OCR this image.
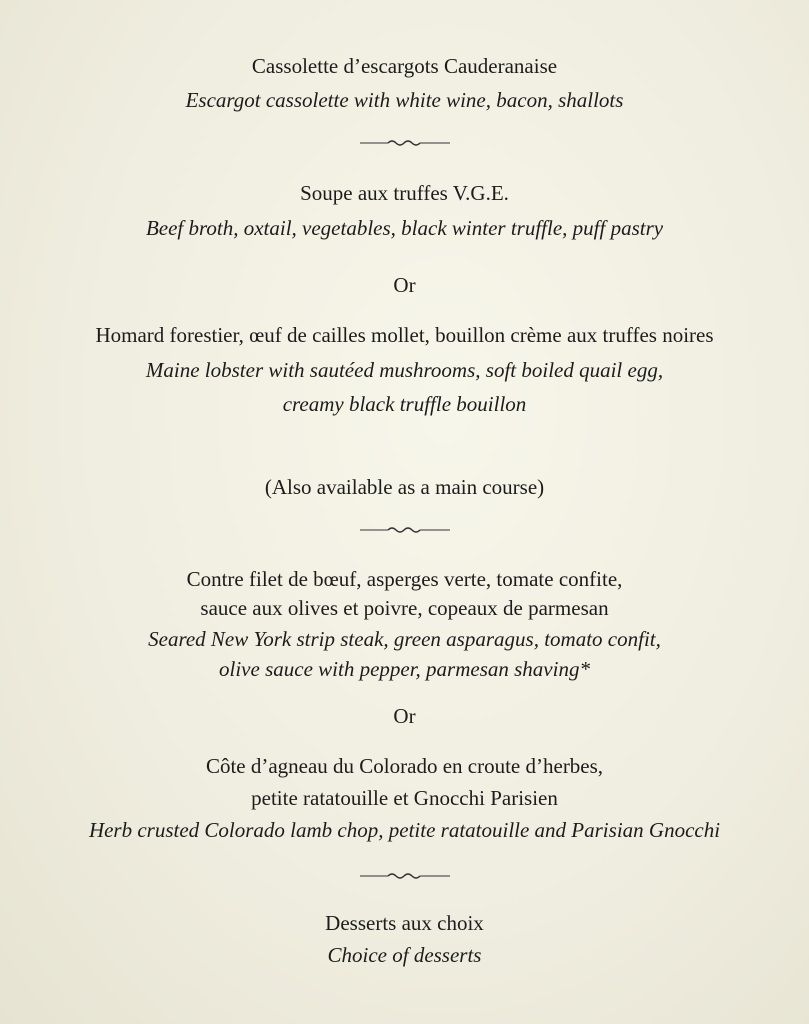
Cassolette d’escargots Cauderanaise
Escargot cassolette with white wine, bacon, shallots
Soupe aux truffes V.G.E.
Beef broth, oxtail, vegetables, black winter truffle, puff pastry
Or
Homard forestier, œuf de cailles mollet, bouillon crème aux truffes noires
Maine lobster with sautéed mushrooms, soft boiled quail egg,
creamy black truffle bouillon
(Also available as a main course)
Contre filet de bœuf, asperges verte, tomate confite,
sauce aux olives et poivre, copeaux de parmesan
Seared New York strip steak, green asparagus, tomato confit,
olive sauce with pepper, parmesan shaving*
Or
Côte d’agneau du Colorado en croute d’herbes,
petite ratatouille et Gnocchi Parisien
Herb crusted Colorado lamb chop, petite ratatouille and Parisian Gnocchi
Desserts aux choix
Choice of desserts
